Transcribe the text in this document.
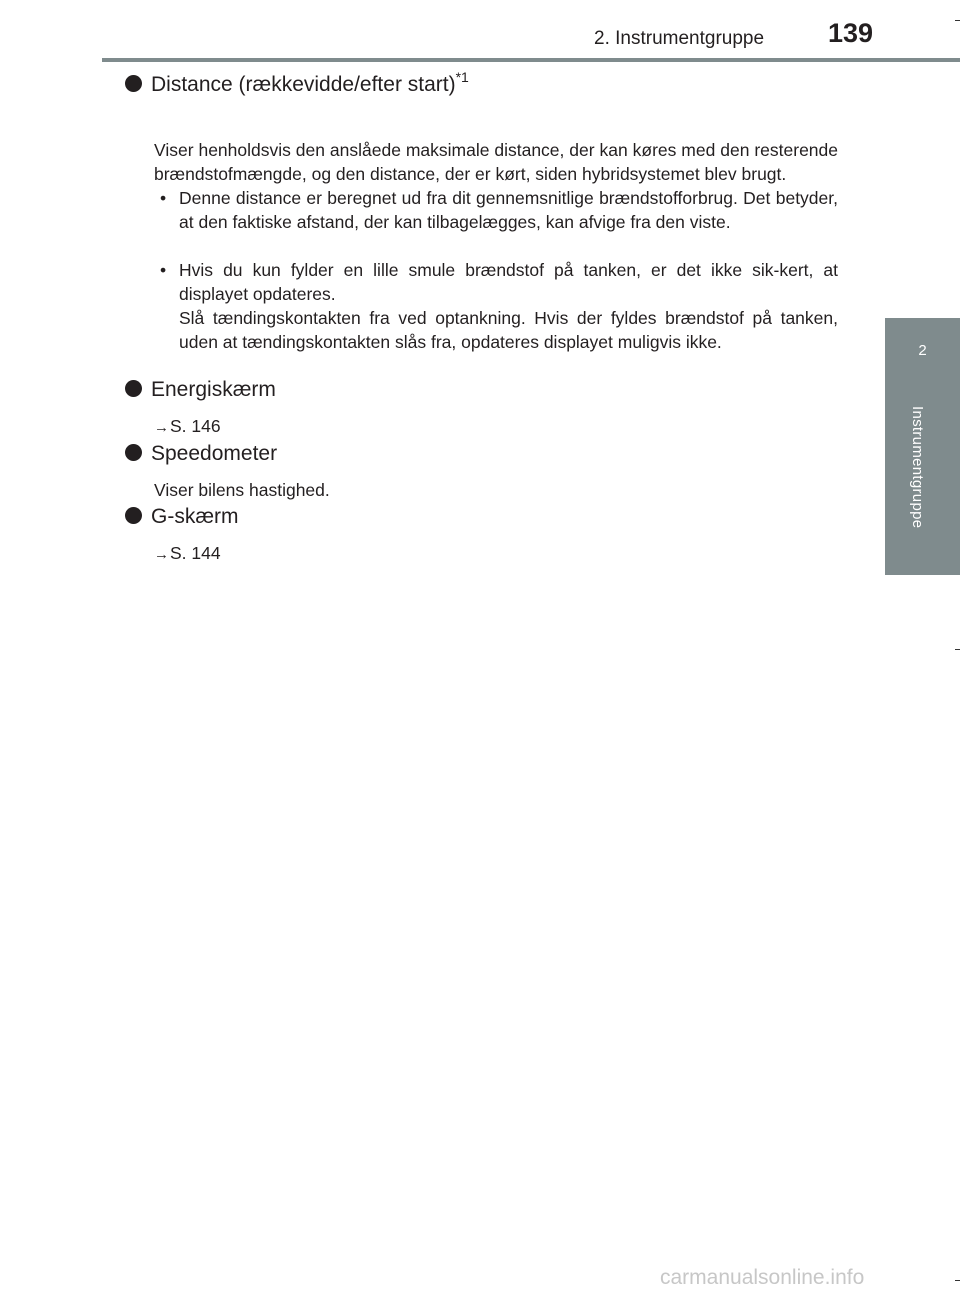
2. Instrumentgruppe 139
2
Instrumentgruppe
Distance (rækkevidde/efter start)$^{*1}$
Viser henholdsvis den anslåede maksimale distance, der kan køres med den resterende brændstofmængde, og den distance, der er kørt, siden hybridsystemet blev brugt.
• Denne distance er beregnet ud fra dit gennemsnitlige brændstofforbrug. Det betyder, at den faktiske afstand, der kan tilbagelægges, kan afvige fra den viste.
• Hvis du kun fylder en lille smule brændstof på tanken, er det ikke sik-kert, at displayet opdateres.
Slå tændingskontakten fra ved optankning. Hvis der fyldes brændstof på tanken, uden at tændingskontakten slås fra, opdateres displayet muligvis ikke.
Energiskærm
→S. 146
Speedometer
Viser bilens hastighed.
G-skærm
→S. 144
carmanualsonline.info
